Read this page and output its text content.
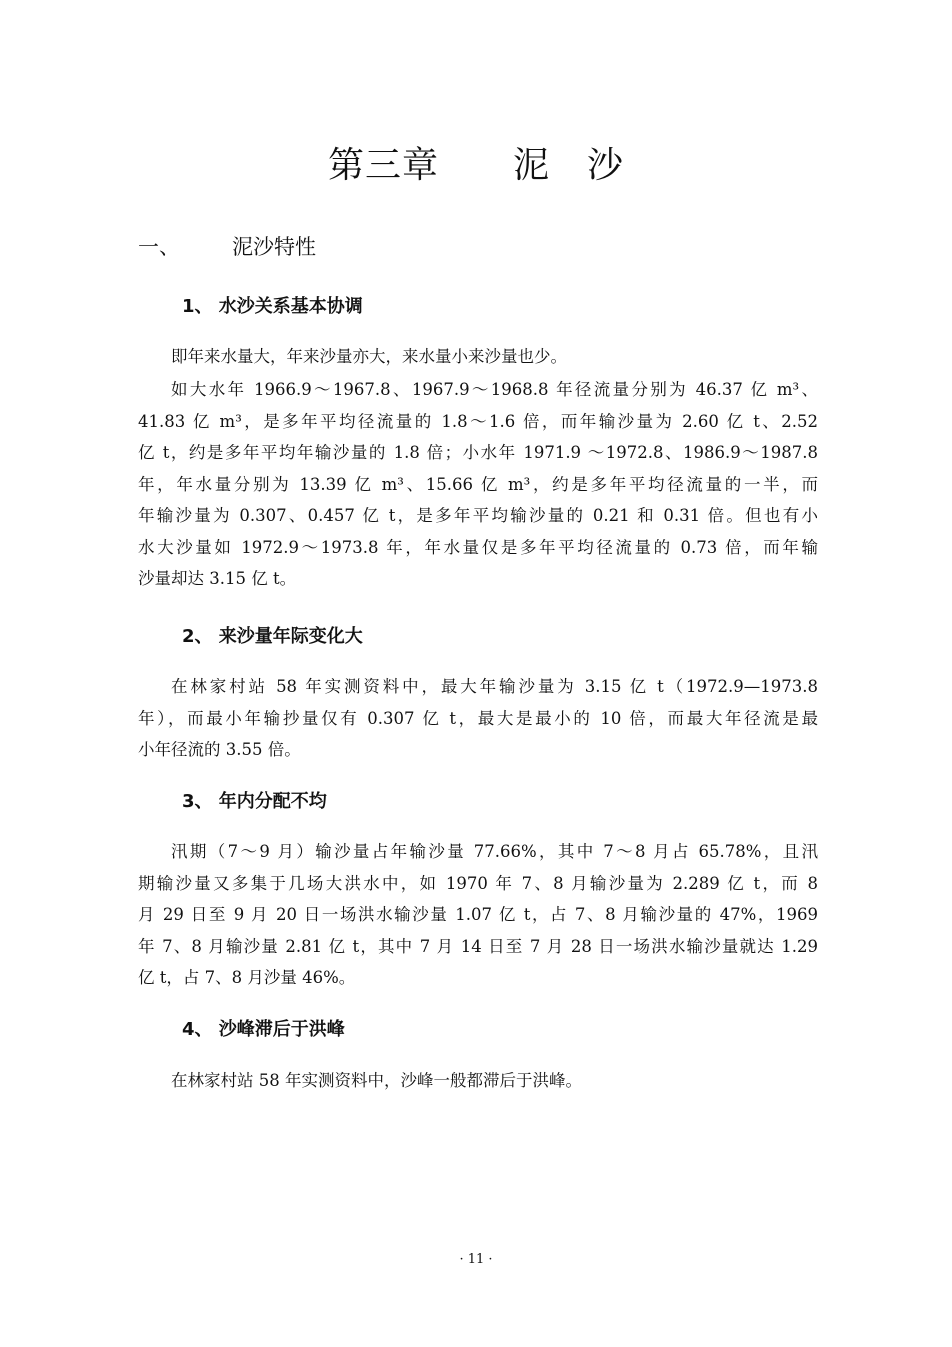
第三章　　泥　沙
一、 泥沙特性
1、 水沙关系基本协调
即年来水量大，年来沙量亦大，来水量小来沙量也少。
如大水年 1966.9～1967.8、1967.9～1968.8 年径流量分别为 46.37 亿 m³、
41.83 亿 m³，是多年平均径流量的 1.8～1.6 倍，而年输沙量为 2.60 亿 t、2.52
亿 t，约是多年平均年输沙量的 1.8 倍；小水年 1971.9 ～1972.8、1986.9～1987.8
年，年水量分别为 13.39 亿 m³、15.66 亿 m³，约是多年平均径流量的一半，而
年输沙量为 0.307、0.457 亿 t，是多年平均输沙量的 0.21 和 0.31 倍。但也有小
水大沙量如 1972.9～1973.8 年，年水量仅是多年平均径流量的 0.73 倍，而年输
沙量却达 3.15 亿 t。
2、 来沙量年际变化大
在林家村站 58 年实测资料中，最大年输沙量为 3.15 亿 t（1972.9—1973.8
年），而最小年输抄量仅有 0.307 亿 t，最大是最小的 10 倍，而最大年径流是最
小年径流的 3.55 倍。
3、 年内分配不均
汛期（7～9 月）输沙量占年输沙量 77.66%，其中 7～8 月占 65.78%，且汛
期输沙量又多集于几场大洪水中，如 1970 年 7、8 月输沙量为 2.289 亿 t，而 8
月 29 日至 9 月 20 日一场洪水输沙量 1.07 亿 t，占 7、8 月输沙量的 47%，1969
年 7、8 月输沙量 2.81 亿 t，其中 7 月 14 日至 7 月 28 日一场洪水输沙量就达 1.29
亿 t，占 7、8 月沙量 46%。
4、 沙峰滞后于洪峰
在林家村站 58 年实测资料中，沙峰一般都滞后于洪峰。
· 11 ·
